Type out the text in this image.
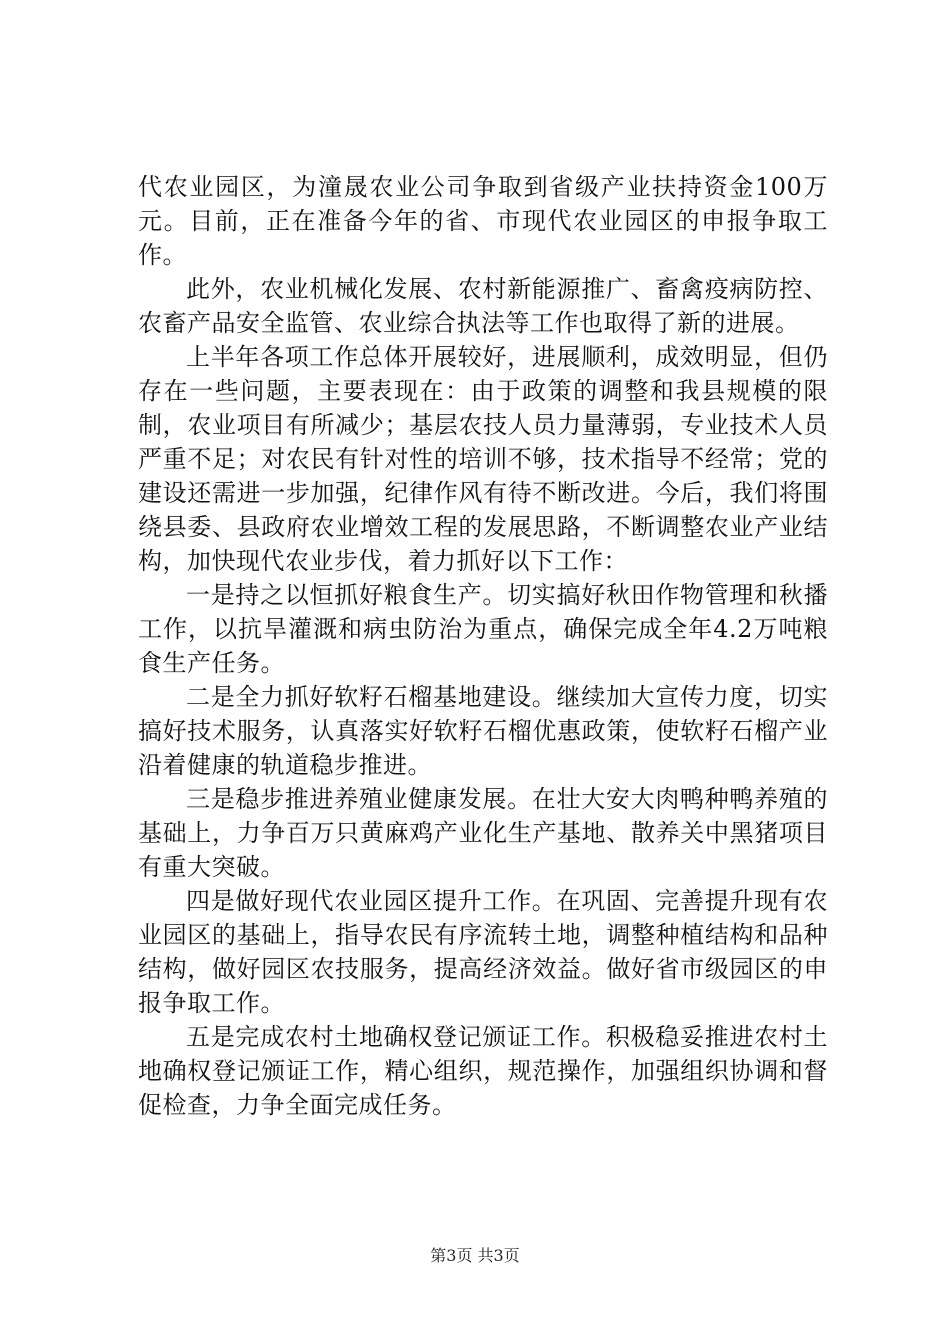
代农业园区，为潼晟农业公司争取到省级产业扶持资金100万元。目前，正在准备今年的省、市现代农业园区的申报争取工作。

此外，农业机械化发展、农村新能源推广、畜禽疫病防控、农畜产品安全监管、农业综合执法等工作也取得了新的进展。

上半年各项工作总体开展较好，进展顺利，成效明显，但仍存在一些问题，主要表现在：由于政策的调整和我县规模的限制，农业项目有所减少；基层农技人员力量薄弱，专业技术人员严重不足；对农民有针对性的培训不够，技术指导不经常；党的建设还需进一步加强，纪律作风有待不断改进。今后，我们将围绕县委、县政府农业增效工程的发展思路，不断调整农业产业结构，加快现代农业步伐，着力抓好以下工作：

一是持之以恒抓好粮食生产。切实搞好秋田作物管理和秋播工作，以抗旱灌溉和病虫防治为重点，确保完成全年4.2万吨粮食生产任务。

二是全力抓好软籽石榴基地建设。继续加大宣传力度，切实搞好技术服务，认真落实好软籽石榴优惠政策，使软籽石榴产业沿着健康的轨道稳步推进。

三是稳步推进养殖业健康发展。在壮大安大肉鸭种鸭养殖的基础上，力争百万只黄麻鸡产业化生产基地、散养关中黑猪项目有重大突破。

四是做好现代农业园区提升工作。在巩固、完善提升现有农业园区的基础上，指导农民有序流转土地，调整种植结构和品种结构，做好园区农技服务，提高经济效益。做好省市级园区的申报争取工作。

五是完成农村土地确权登记颁证工作。积极稳妥推进农村土地确权登记颁证工作，精心组织，规范操作，加强组织协调和督促检查，力争全面完成任务。

第3页 共3页
